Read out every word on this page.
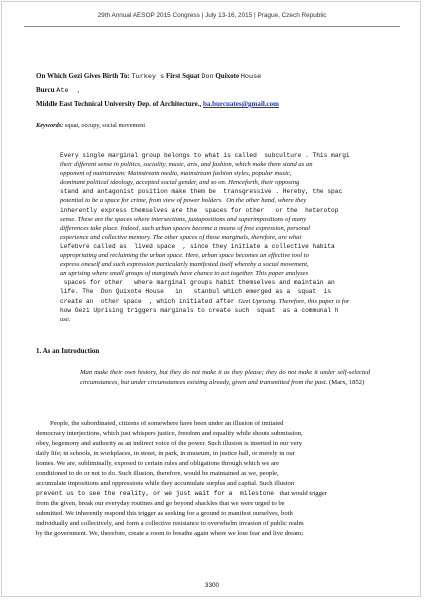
29th Annual AESOP 2015 Congress | July 13-16, 2015 | Prague, Czech Republic
On Which Gezi Gives Birth To: Turkey s First Squat Don Quixote House
Burcu Ate  ,
Middle East Technical University Dep. of Architecture., ba.burcuates@gmail.com
Keywords: squat, occupy, social movement
Every single marginal group belongs to what is called  subculture . This margi
their different sense in politics, sociality, music, arts, and fashion, which make them stand as an
opponent of mainstream: Mainstream media, mainstream fashion styles, popular music,
dominant political ideology, accepted social gender, and so on. Henceforth, their opposing
stand and antagonist position make them be  transgressive . Hereby, the spac
potential to be a space for crime, from view of power holders.  On the other hand, where they
inherently express themselves are the  spaces for other   or the  heterotop
sense. These are the spaces where intersections, juxtapositions and superimpositions of many
differences take place. Indeed, such urban spaces become a means of free expression, personal
experience and collective memory. The other spaces of those marginals, therefore, are what
Lefebvre called as  lived space  , since they initiate a collective habita
appropriating and reclaiming the urban space. Here, urban space becomes an effective tool to
express oneself and such expression particularly manifested itself whereby a social movement,
an uprising where small groups of marginals have chance to act together. This paper analyzes
spaces for other   where marginal groups habit themselves and maintain an
life. The  Don Quixote House   in   stanbul which emerged as a  squat  is
create an  other space  , which initiated after Gezi Uprising. Therefore, this paper is for
how Gezi Uprising triggers marginals to create such  squat  as a communal h
use.
1. As an Introduction
Man make their own history, but they do not make it as they please; they do not make it under self-selected circumstances, but under circumstances existing already, given and transmitted from the past. (Marx, 1852)
People, the subordinated, citizens of somewhere have been under an illusion of imitated
democracy interjections, which just whispers justice, freedom and equality while shouts submission,
obey, hegemony and authority as an indirect voice of the power. Such illusion is inserted in our very
daily life; in schools, in workplaces, in street, in park, in museum, in justice hall, or merely in our
homes. We are, subliminally, exposed to certain rules and obligations through which we are
conditioned to do or not to do. Such illusion, therefore, would be maintained as we, people,
accumulate impositions and oppressions while they accumulate surplus and capital. Such illusion
prevent us to see the reality, or we just wait for a  milestone  that would trigger
from the given, break our everyday routines and go beyond shackles that we were urged to be
submitted. We inherently respond this trigger as seeking for a ground to manifest ourselves, both
individually and collectively, and form a collective resistance to overwhelm invasion of public realm
by the government. We, therefore, create a room to breathe again where we lose fear and live dream;
3300
